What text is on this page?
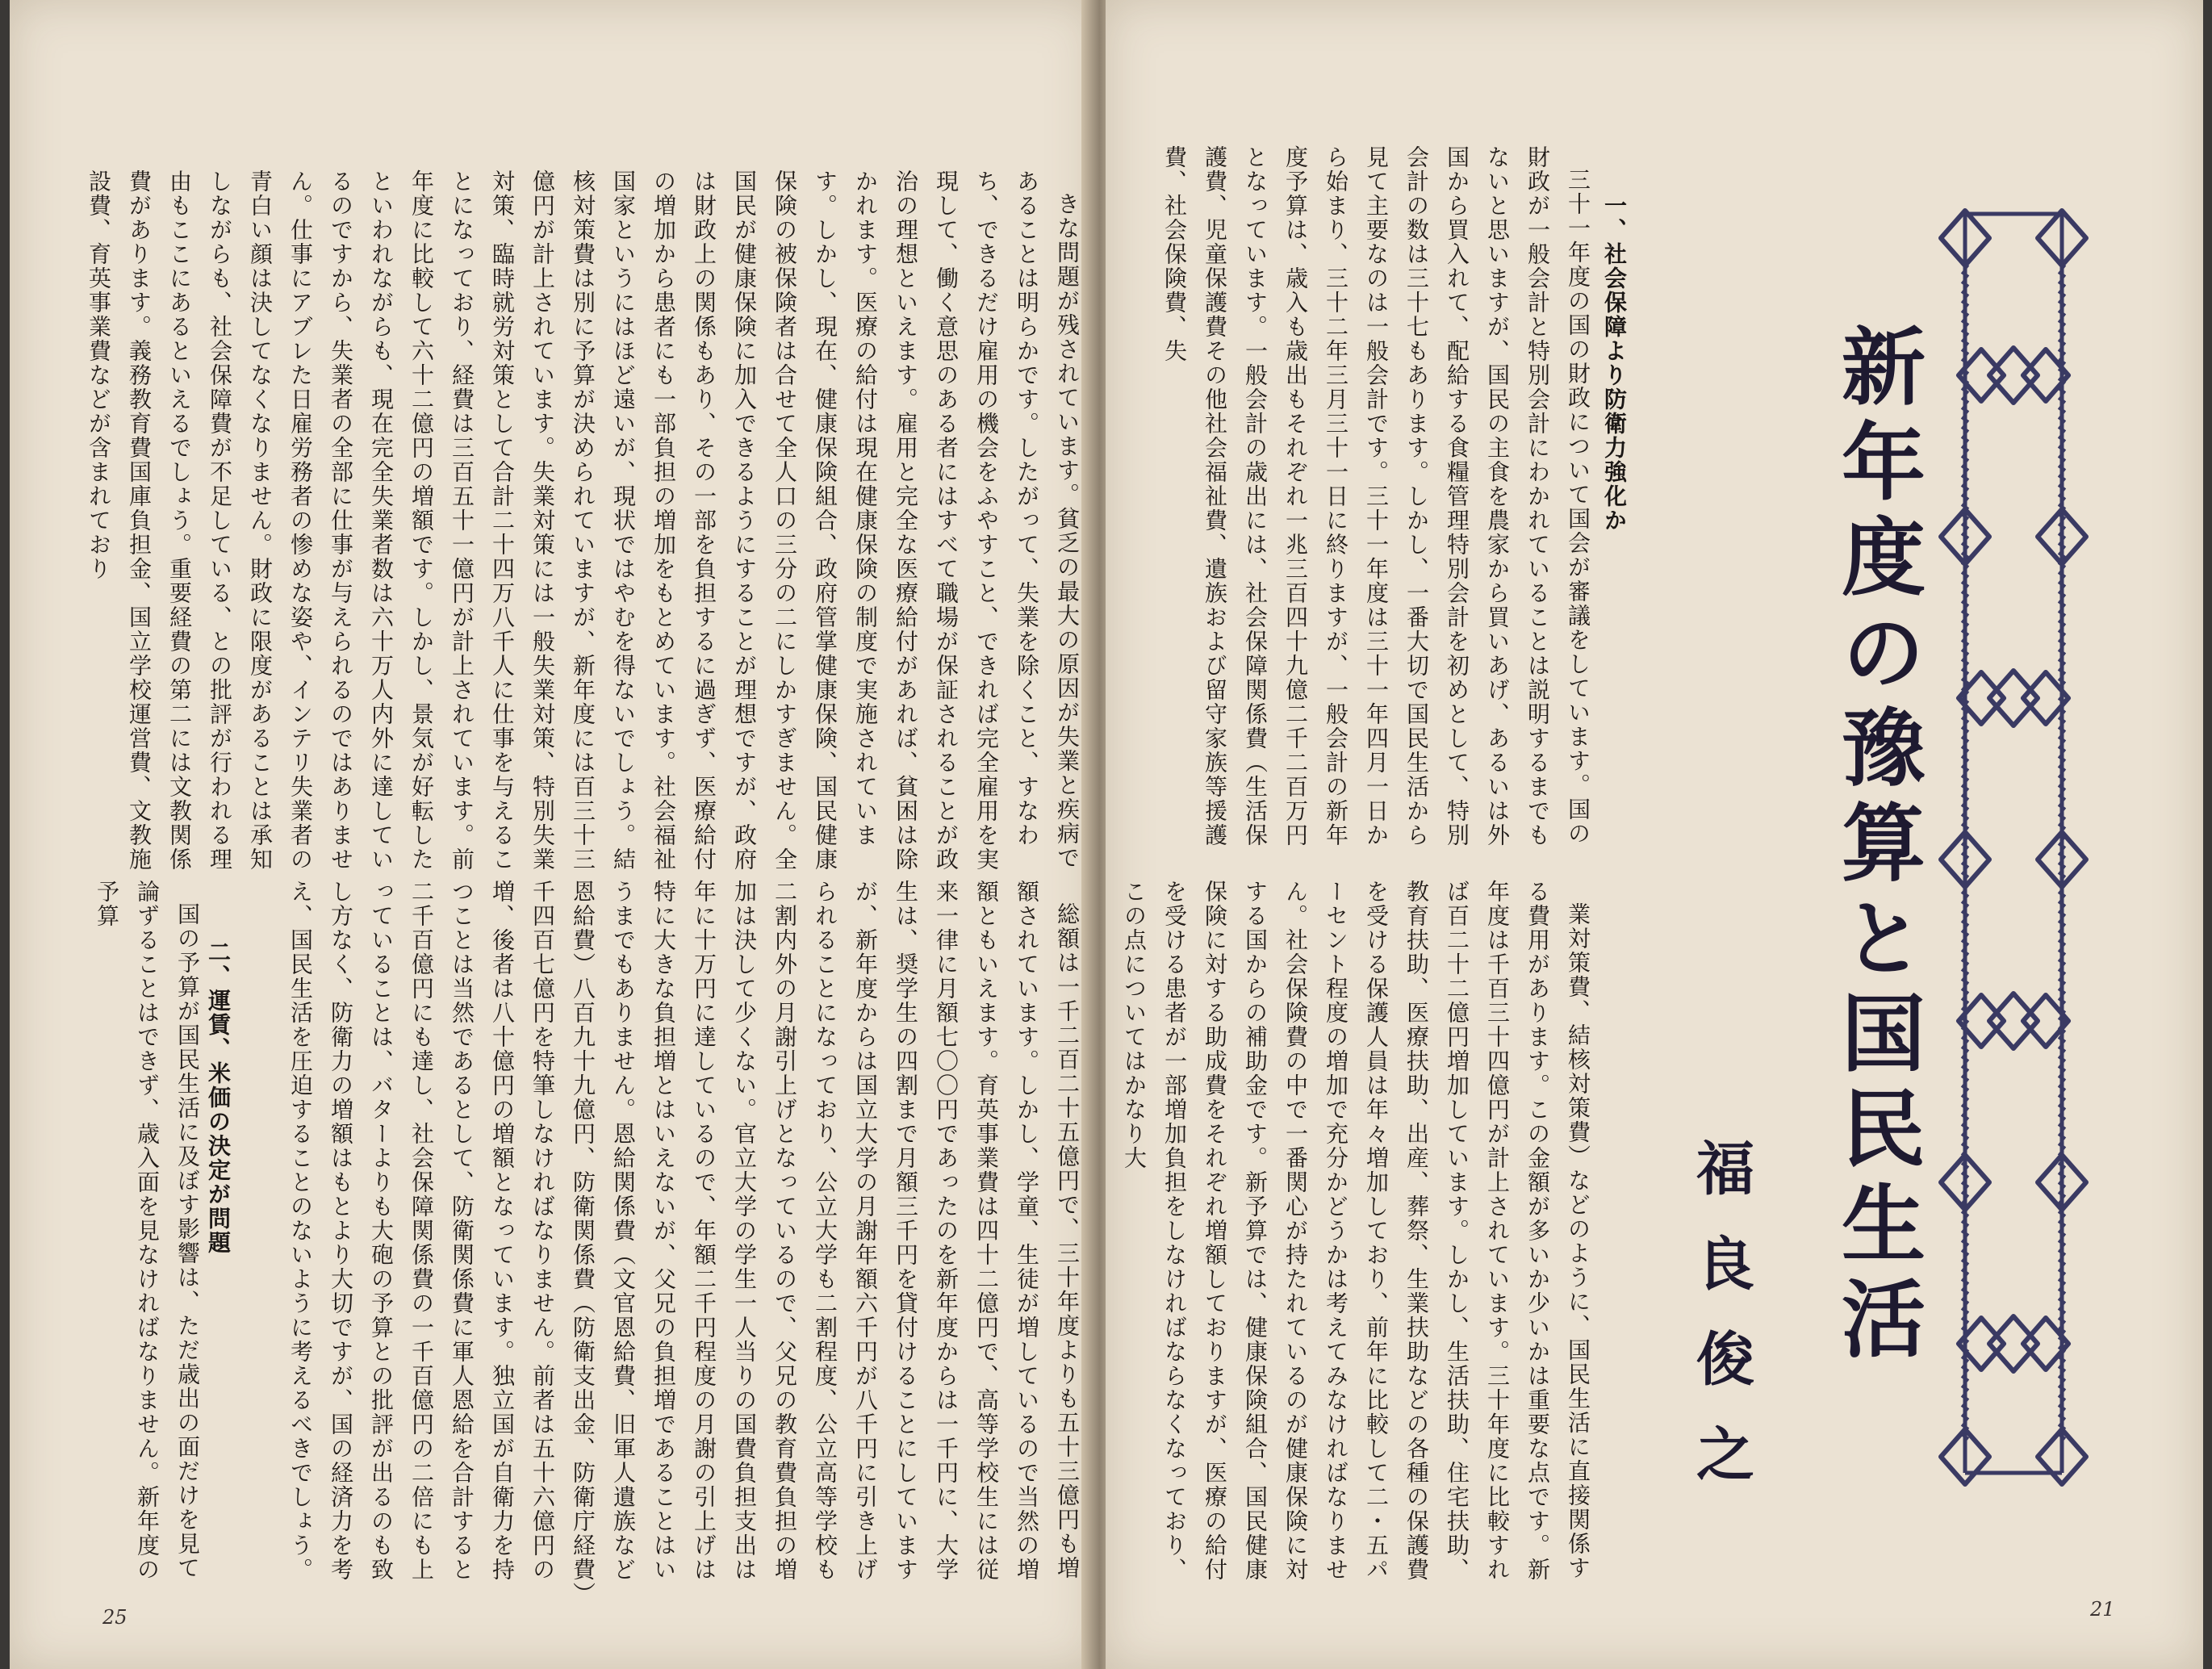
きな問題が残されています。貧乏の最大の原因が失業と疾病であることは明らかです。したがって、失業を除くこと、すなわち、できるだけ雇用の機会をふやすこと、できれば完全雇用を実現して、働く意思のある者にはすべて職場が保証されることが政治の理想といえます。雇用と完全な医療給付があれば、貧困は除かれます。医療の給付は現在健康保険の制度で実施されています。しかし、現在、健康保険組合、政府管掌健康保険、国民健康保険の被保険者は合せて全人口の三分の二にしかすぎません。全国民が健康保険に加入できるようにすることが理想ですが、政府は財政上の関係もあり、その一部を負担するに過ぎず、医療給付の増加から患者にも一部負担の増加をもとめています。社会福祉国家というにはほど遠いが、現状ではやむを得ないでしょう。結核対策費は別に予算が決められていますが、新年度には百三十三億円が計上されています。失業対策には一般失業対策、特別失業対策、臨時就労対策として合計二十四万八千人に仕事を与えることになっており、経費は三百五十一億円が計上されています。前年度に比較して六十二億円の増額です。しかし、景気が好転したといわれながらも、現在完全失業者数は六十万人内外に達しているのですから、失業者の全部に仕事が与えられるのではありません。仕事にアブレた日雇労務者の惨めな姿や、インテリ失業者の青白い顔は決してなくなりません。財政に限度があることは承知しながらも、社会保障費が不足している、との批評が行われる理由もここにあるといえるでしょう。重要経費の第二には文教関係費があります。義務教育費国庫負担金、国立学校運営費、文教施設費、育英事業費などが含まれており

総額は一千二百二十五億円で、三十年度よりも五十三億円も増額されています。しかし、学童、生徒が増しているので当然の増額ともいえます。育英事業費は四十二億円で、高等学校生には従来一律に月額七〇〇円であったのを新年度からは一千円に、大学生は、奨学生の四割まで月額三千円を貸付けることにしていますが、新年度からは国立大学の月謝年額六千円が八千円に引き上げられることになっており、公立大学も二割程度、公立高等学校も二割内外の月謝引上げとなっているので、父兄の教育費負担の増加は決して少くない。官立大学の学生一人当りの国費負担支出は年に十万円に達しているので、年額二千円程度の月謝の引上げは特に大きな負担増とはいえないが、父兄の負担増であることはいうまでもありません。恩給関係費（文官恩給費、旧軍人遺族など恩給費）八百九十九億円、防衛関係費（防衛支出金、防衛庁経費）千四百七億円を特筆しなければなりません。前者は五十六億円の増、後者は八十億円の増額となっています。独立国が自衛力を持つことは当然であるとして、防衛関係費に軍人恩給を合計すると二千百億円にも達し、社会保障関係費の一千百億円の二倍にも上っていることは、バターよりも大砲の予算との批評が出るのも致し方なく、防衛力の増額はもとより大切ですが、国の経済力を考え、国民生活を圧迫することのないように考えるべきでしょう。

二、運賃、米価の決定が問題

国の予算が国民生活に及ぼす影響は、ただ歳出の面だけを見て論ずることはできず、歳入面を見なければなりません。新年度の予算

25
一、社会保障より防衛力強化か

三十一年度の国の財政について国会が審議をしています。国の財政が一般会計と特別会計にわかれていることは説明するまでもないと思いますが、国民の主食を農家から買いあげ、あるいは外国から買入れて、配給する食糧管理特別会計を初めとして、特別会計の数は三十七もあります。しかし、一番大切で国民生活から見て主要なのは一般会計です。三十一年度は三十一年四月一日から始まり、三十二年三月三十一日に終りますが、一般会計の新年度予算は、歳入も歳出もそれぞれ一兆三百四十九億二千二百万円となっています。一般会計の歳出には、社会保障関係費（生活保護費、児童保護費その他社会福祉費、遺族および留守家族等援護費、社会保険費、失

業対策費、結核対策費）などのように、国民生活に直接関係する費用があります。この金額が多いか少いかは重要な点です。新年度は千百三十四億円が計上されています。三十年度に比較すれば百二十二億円増加しています。しかし、生活扶助、住宅扶助、教育扶助、医療扶助、出産、葬祭、生業扶助などの各種の保護費を受ける保護人員は年々増加しており、前年に比較して二・五パーセント程度の増加で充分かどうかは考えてみなければなりません。社会保険費の中で一番関心が持たれているのが健康保険に対する国からの補助金です。新予算では、健康保険組合、国民健康保険に対する助成費をそれぞれ増額しておりますが、医療の給付を受ける患者が一部増加負担をしなければならなくなっており、この点についてはかなり大	新年度の豫算と国民生活
福良俊之
21
